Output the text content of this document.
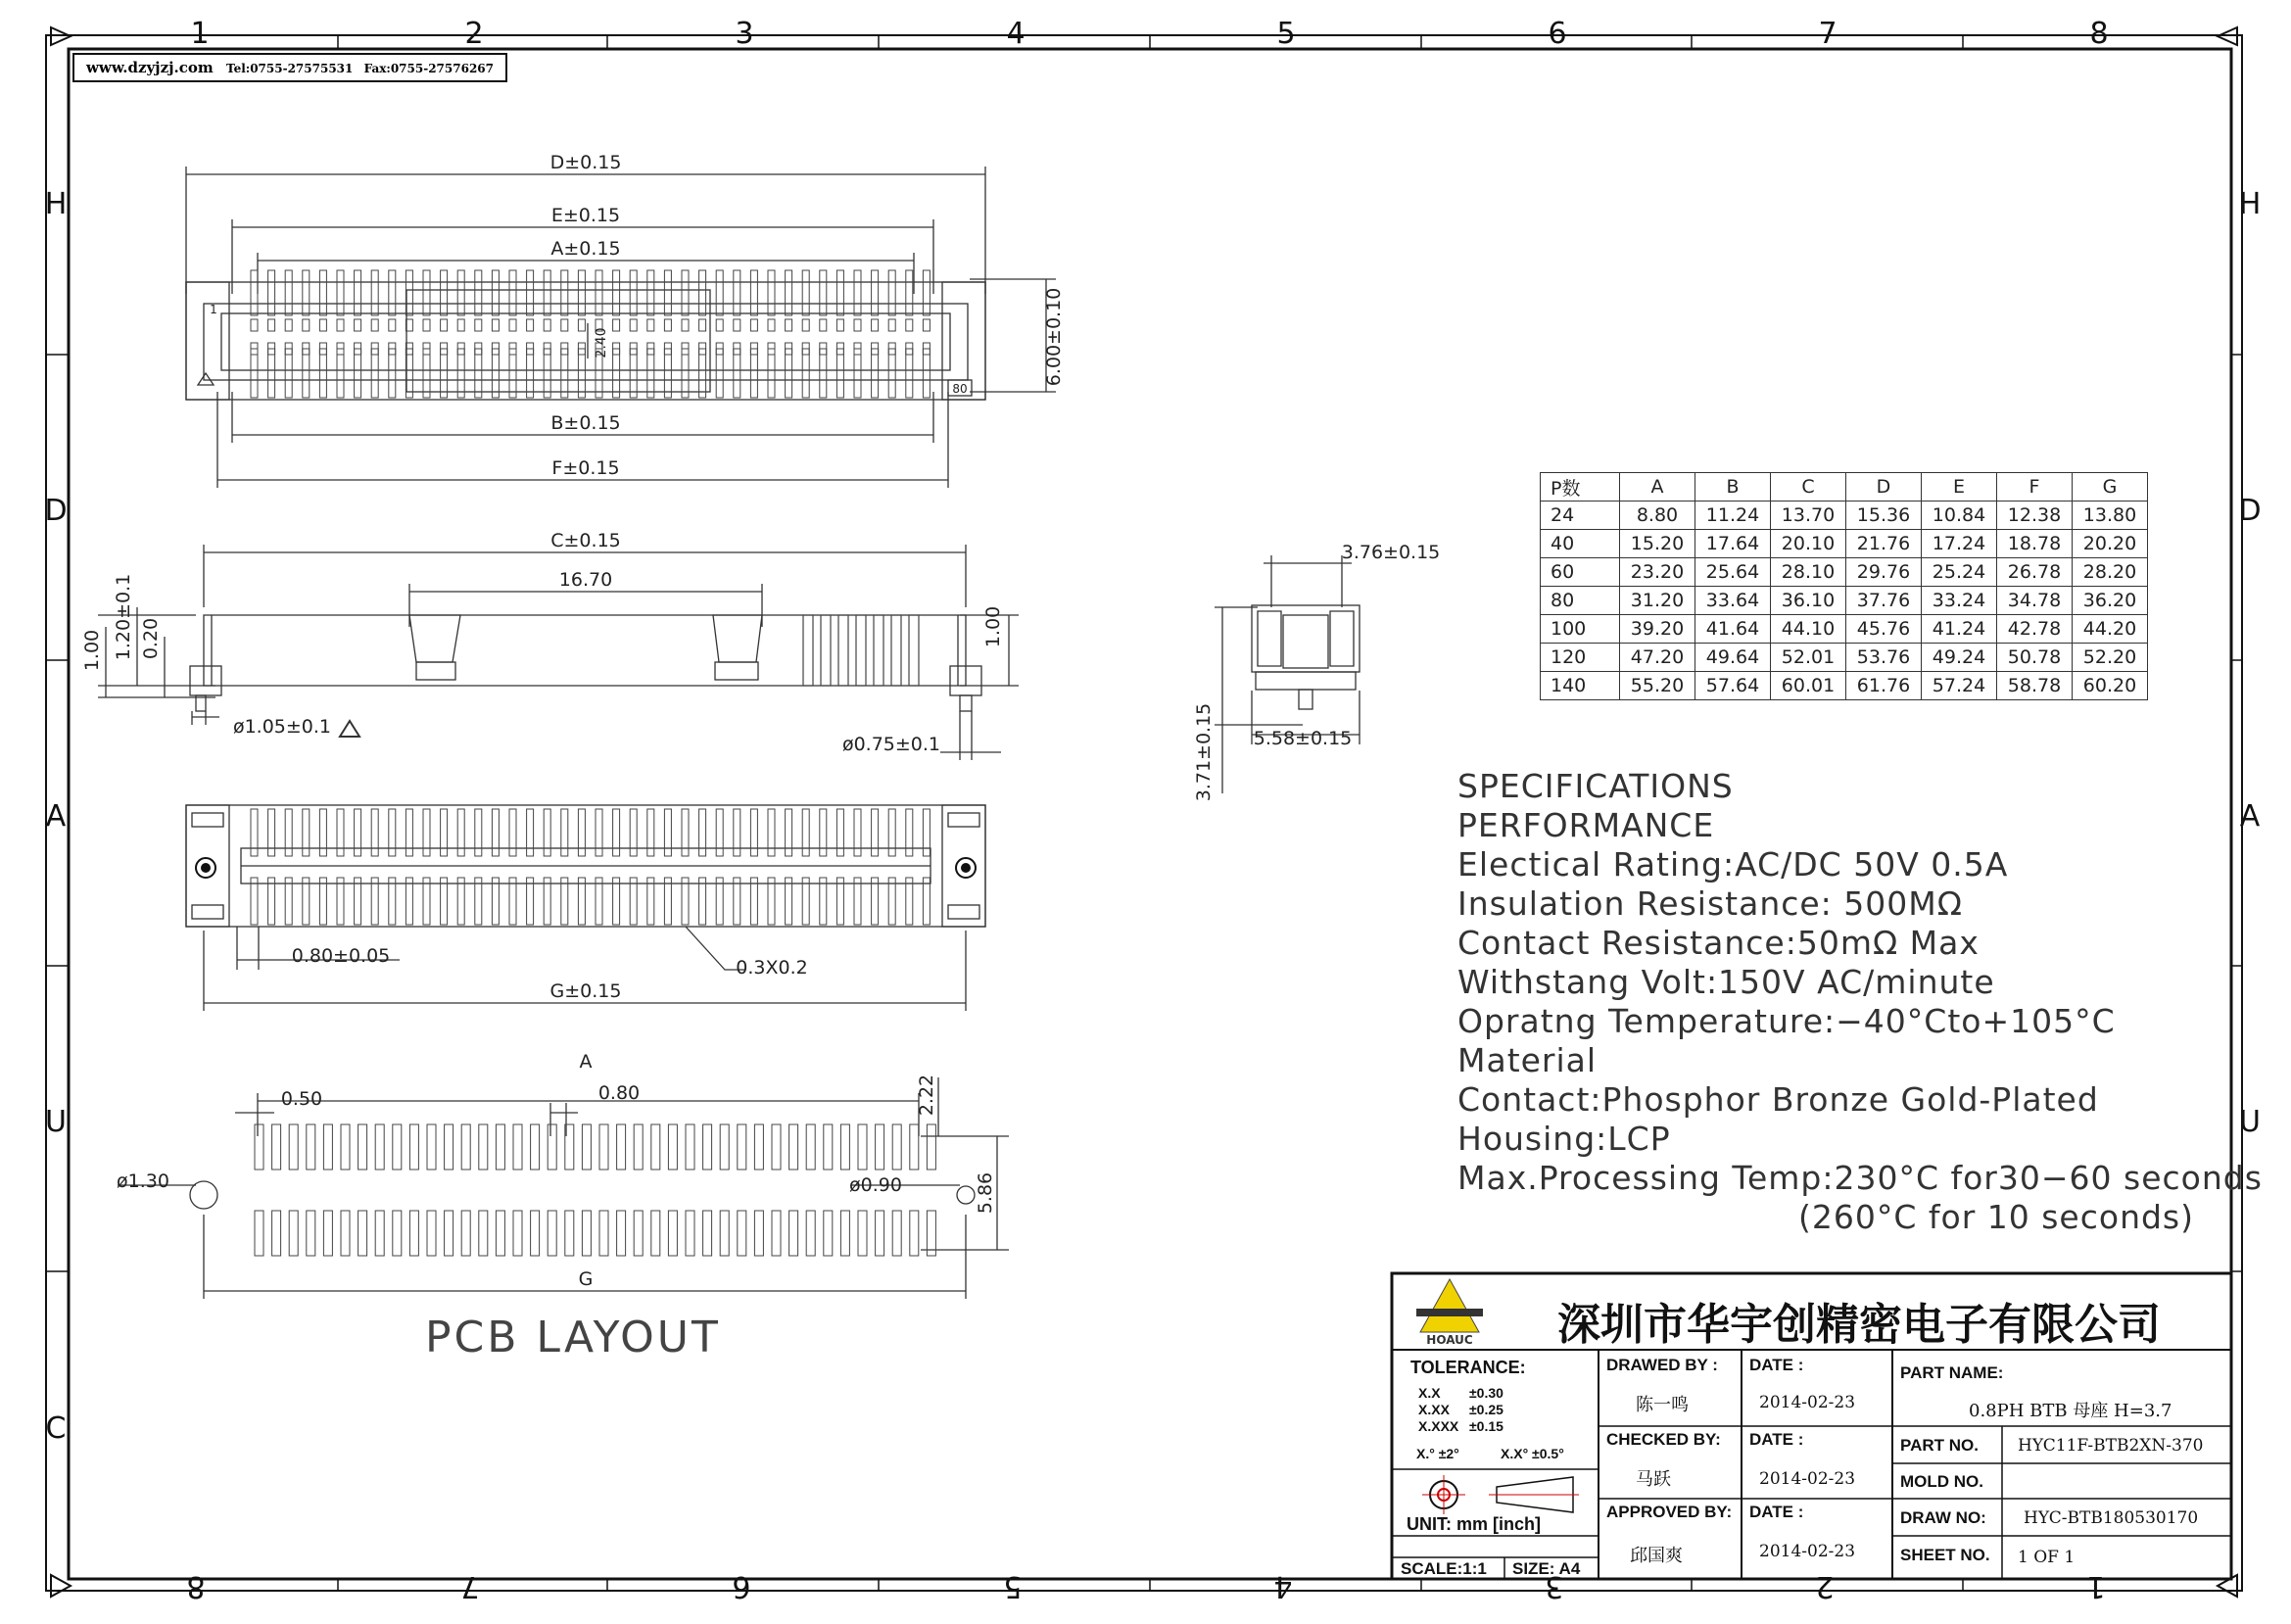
1	2	3	4	5	6	7	8
8	7	6	5	4	3	2	1
H
D
A
U
C
H
D
A
U
D±0.15
E±0.15
A±0.15
B±0.15
F±0.15
6.00±0.10
2.40
1
80
C±0.15
16.70
1.00 1.20±0.1 0.20	1.00
ø1.05±0.1
ø0.75±0.1
3.76±0.15
3.71±0.15 5.58±0.15
0.80±0.05
0.3X0.2
G±0.15
A
0.50	0.80	2.22
ø1.30	ø0.90	5.86
G
HOAUC
www.dzyjzj.com Tel:0755-27575531 Fax:0755-27576267
P数	A	B	C	D	E	F	G
24	8.80	11.24	13.70	15.36	10.84	12.38	13.80
40	15.20	17.64	20.10	21.76	17.24	18.78	20.20
60	23.20	25.64	28.10	29.76	25.24	26.78	28.20
80	31.20	33.64	36.10	37.76	33.24	34.78	36.20
100	39.20	41.64	44.10	45.76	41.24	42.78	44.20
120	47.20	49.64	52.01	53.76	49.24	50.78	52.20
140	55.20	57.64	60.01	61.76	57.24	58.78	60.20
SPECIFICATIONS
PERFORMANCE
Electical Rating:AC/DC 50V 0.5A
Insulation Resistance: 500MΩ
Contact Resistance:50mΩ Max
Withstang Volt:150V AC/minute
Opratng Temperature:−40°Cto+105°C
Material
Contact:Phosphor Bronze Gold-Plated
Housing:LCP
Max.Processing Temp:230°C for30−60 seconds
(260°C for 10 seconds)
PCB LAYOUT	深圳市华宇创精密电子有限公司
TOLERANCE:
X.X ±0.30
X.XX ±0.25
X.XXX ±0.15
X.° ±2°	X.X° ±0.5°
UNIT: mm [inch]
SCALE:1:1 SIZE: A4
DRAWED BY :
陈一鸣
CHECKED BY:
马跃
APPROVED BY:
邱国爽
DATE :
2014-02-23
DATE :
2014-02-23
DATE :
2014-02-23
PART NAME:
0.8PH BTB 母座 H=3.7
PART NO. HYC11F-BTB2XN-370
MOLD NO.
DRAW NO: HYC-BTB180530170
SHEET NO. 1 OF 1
